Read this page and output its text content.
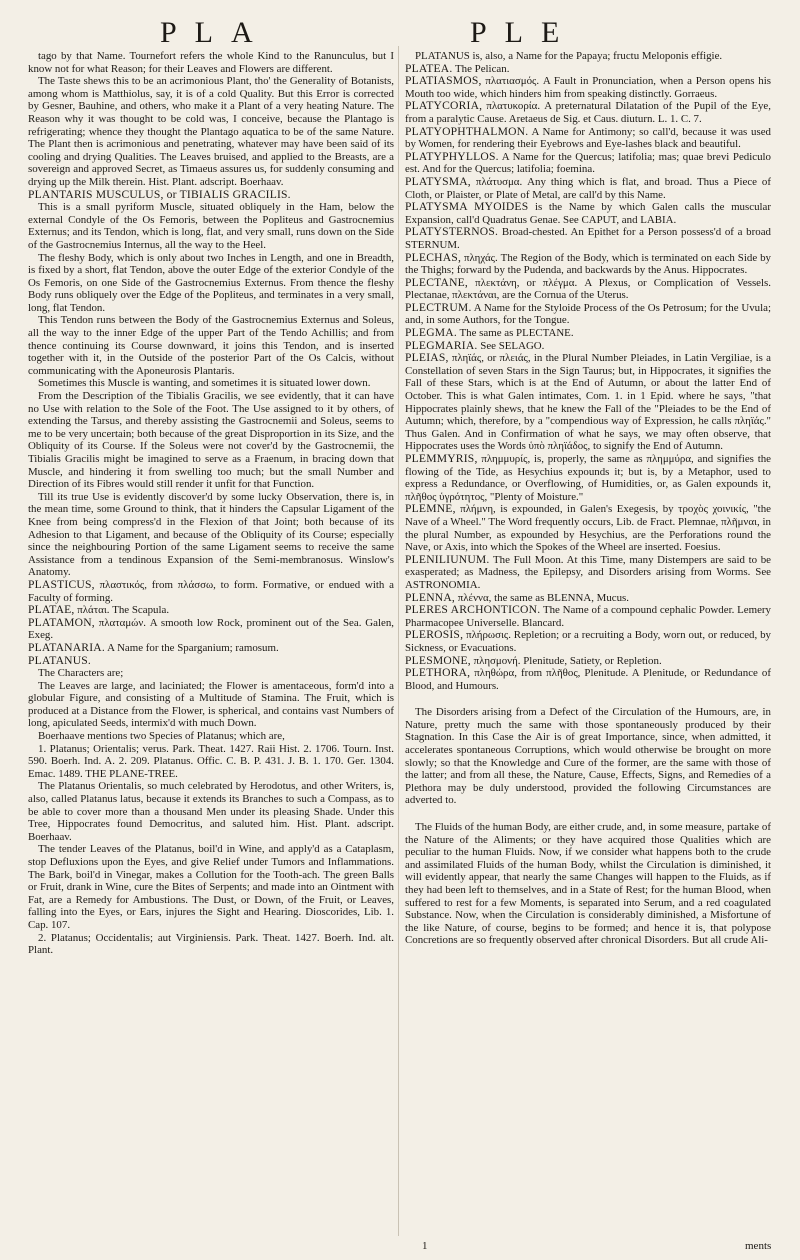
PLA	PLE

tago by that Name. Tournefort refers the whole Kind to the Ranunculus, but I know not for what Reason; for their Leaves and Flowers are different.

The Taste shews this to be an acrimonious Plant, tho' the Generality of Botanists, among whom is Matthiolus, say, it is of a cold Quality. But this Error is corrected by Gesner, Bauhine, and others, who make it a Plant of a very heating Nature. The Reason why it was thought to be cold was, I conceive, because the Plantago is refrigerating; whence they thought the Plantago aquatica to be of the same Nature. The Plant then is acrimonious and penetrating, whatever may have been said of its cooling and drying Qualities. The Leaves bruised, and applied to the Breasts, are a sovereign and approved Secret, as Timaeus assures us, for suddenly consuming and drying up the Milk therein. Hist. Plant. adscript. Boerhaav.

PLANTARIS MUSCULUS, or TIBIALIS GRACILIS.

This is a small pyriform Muscle, situated obliquely in the Ham, below the external Condyle of the Os Femoris, between the Popliteus and Gastrocnemius Externus; and its Tendon, which is long, flat, and very small, runs down on the Side of the Gastrocnemius Internus, all the way to the Heel.

The fleshy Body, which is only about two Inches in Length, and one in Breadth, is fixed by a short, flat Tendon, above the outer Edge of the exterior Condyle of the Os Femoris, on one Side of the Gastrocnemius Externus. From thence the fleshy Body runs obliquely over the Edge of the Popliteus, and terminates in a very small, long, flat Tendon.

This Tendon runs between the Body of the Gastrocnemius Externus and Soleus, all the way to the inner Edge of the upper Part of the Tendo Achillis; and from thence continuing its Course downward, it joins this Tendon, and is inserted together with it, in the Outside of the posterior Part of the Os Calcis, without communicating with the Aponeurosis Plantaris.

Sometimes this Muscle is wanting, and sometimes it is situated lower down.

From the Description of the Tibialis Gracilis, we see evidently, that it can have no Use with relation to the Sole of the Foot. The Use assigned to it by others, of extending the Tarsus, and thereby assisting the Gastrocnemii and Soleus, seems to me to be very uncertain; both because of the great Disproportion in its Size, and the Obliquity of its Course. If the Soleus were not cover'd by the Gastrocnemii, the Tibialis Gracilis might be imagined to serve as a Fraenum, in bracing down that Muscle, and hindering it from swelling too much; but the small Number and Direction of its Fibres would still render it unfit for that Function.

Till its true Use is evidently discover'd by some lucky Observation, there is, in the mean time, some Ground to think, that it hinders the Capsular Ligament of the Knee from being compress'd in the Flexion of that Joint; both because of its Adhesion to that Ligament, and because of the Obliquity of its Course; especially since the neighbouring Portion of the same Ligament seems to receive the same Assistance from a tendinous Expansion of the Semi-membranosus. Winslow's Anatomy.

PLASTICUS, πλαστικός, from πλάσσω, to form. Formative, or endued with a Faculty of forming.

PLATAE, πλάται. The Scapula.

PLATAMON, πλαταμών. A smooth low Rock, prominent out of the Sea. Galen, Exeg.

PLATANARIA. A Name for the Sparganium; ramosum.

PLATANUS.

The Characters are;

The Leaves are large, and laciniated; the Flower is amentaceous, form'd into a globular Figure, and consisting of a Multitude of Stamina. The Fruit, which is produced at a Distance from the Flower, is spherical, and contains vast Numbers of long, apiculated Seeds, intermix'd with much Down.

Boerhaave mentions two Species of Platanus; which are,

1. Platanus; Orientalis; verus. Park. Theat. 1427. Raii Hist. 2. 1706. Tourn. Inst. 590. Boerh. Ind. A. 2. 209. Platanus. Offic. C. B. P. 431. J. B. 1. 170. Ger. 1304. Emac. 1489. THE PLANE-TREE.

The Platanus Orientalis, so much celebrated by Herodotus, and other Writers, is, also, called Platanus latus, because it extends its Branches to such a Compass, as to be able to cover more than a thousand Men under its pleasing Shade. Under this Tree, Hippocrates found Democritus, and saluted him. Hist. Plant. adscript. Boerhaav.

The tender Leaves of the Platanus, boil'd in Wine, and apply'd as a Cataplasm, stop Defluxions upon the Eyes, and give Relief under Tumors and Inflammations. The Bark, boil'd in Vinegar, makes a Collution for the Tooth-ach. The green Balls or Fruit, drank in Wine, cure the Bites of Serpents; and made into an Ointment with Fat, are a Remedy for Ambustions. The Dust, or Down, of the Fruit, or Leaves, falling into the Eyes, or Ears, injures the Sight and Hearing. Dioscorides, Lib. 1. Cap. 107.

2. Platanus; Occidentalis; aut Virginiensis. Park. Theat. 1427. Boerh. Ind. alt. Plant.

PLATANUS is, also, a Name for the Papaya; fructu Meloponis effigie.

PLATEA. The Pelican.

PLATIASMOS, πλατιασμός. A Fault in Pronunciation, when a Person opens his Mouth too wide, which hinders him from speaking distinctly. Gorraeus.

PLATYCORIA, πλατυκορία. A preternatural Dilatation of the Pupil of the Eye, from a paralytic Cause. Aretaeus de Sig. et Caus. diuturn. L. 1. C. 7.

PLATYOPHTHALMON. A Name for Antimony; so call'd, because it was used by Women, for rendering their Eyebrows and Eye-lashes black and beautiful.

PLATYPHYLLOS. A Name for the Quercus; latifolia; mas; quae brevi Pediculo est. And for the Quercus; latifolia; foemina.

PLATYSMA, πλάτυσμα. Any thing which is flat, and broad. Thus a Piece of Cloth, or Plaister, or Plate of Metal, are call'd by this Name.

PLATYSMA MYOIDES is the Name by which Galen calls the muscular Expansion, call'd Quadratus Genae. See CAPUT, and LABIA.

PLATYSTERNOS. Broad-chested. An Epithet for a Person possess'd of a broad STERNUM.

PLECHAS, πληχάς. The Region of the Body, which is terminated on each Side by the Thighs; forward by the Pudenda, and backwards by the Anus. Hippocrates.

PLECTANE, πλεκτάνη, or πλέγμα. A Plexus, or Complication of Vessels. Plectanae, πλεκτάναι, are the Cornua of the Uterus.

PLECTRUM. A Name for the Styloide Process of the Os Petrosum; for the Uvula; and, in some Authors, for the Tongue.

PLEGMA. The same as PLECTANE.

PLEGMARIA. See SELAGO.

PLEIAS, πληϊάς, or πλειάς, in the Plural Number Pleiades, in Latin Vergiliae, is a Constellation of seven Stars in the Sign Taurus; but, in Hippocrates, it signifies the Fall of these Stars, which is at the End of Autumn, or about the latter End of October. This is what Galen intimates, Com. 1. in 1 Epid. where he says, "that Hippocrates plainly shews, that he knew the Fall of the "Pleiades to be the End of Autumn; which, therefore, by a "compendious way of Expression, he calls πληϊάς." Thus Galen. And in Confirmation of what he says, we may often observe, that Hippocrates uses the Words ὑπὸ πληϊάδος, to signify the End of Autumn.

PLEMMYRIS, πλημμυρίς, is, properly, the same as πλημμύρα, and signifies the flowing of the Tide, as Hesychius expounds it; but is, by a Metaphor, used to express a Redundance, or Overflowing, of Humidities, or, as Galen expounds it, πλῆθος ὑγρότητος, "Plenty of Moisture."

PLEMNE, πλήμνη, is expounded, in Galen's Exegesis, by τροχὸς χοινικίς, "the Nave of a Wheel." The Word frequently occurs, Lib. de Fract. Plemnae, πλῆμναι, in the plural Number, as expounded by Hesychius, are the Perforations round the Nave, or Axis, into which the Spokes of the Wheel are inserted. Foesius.

PLENILIUNUM. The Full Moon. At this Time, many Distempers are said to be exasperated; as Madness, the Epilepsy, and Disorders arising from Worms. See ASTRONOMIA.

PLENNA, πλέννα, the same as BLENNA, Mucus.

PLERES ARCHONTICON. The Name of a compound cephalic Powder. Lemery Pharmacopee Universelle. Blancard.

PLEROSIS, πλήρωσις. Repletion; or a recruiting a Body, worn out, or reduced, by Sickness, or Evacuations.

PLESMONE, πλησμονή. Plenitude, Satiety, or Repletion.

PLETHORA, πληθώρα, from πλῆθος, Plenitude. A Plenitude, or Redundance of Blood, and Humours.

The Disorders arising from a Defect of the Circulation of the Humours, are, in Nature, pretty much the same with those spontaneously produced by their Stagnation. In this Case the Air is of great Importance, since, when admitted, it accelerates spontaneous Corruptions, which would otherwise be brought on more slowly; so that the Knowledge and Cure of the former, are the same with those of the latter; and from all these, the Nature, Cause, Effects, Signs, and Remedies of a Plethora may be duly understood, provided the following Circumstances are adverted to.

The Fluids of the human Body, are either crude, and, in some measure, partake of the Nature of the Aliments; or they have acquired those Qualities which are peculiar to the human Fluids. Now, if we consider what happens both to the crude and assimilated Fluids of the human Body, whilst the Circulation is diminished, it will evidently appear, that nearly the same Changes will happen to the Fluids, as if they had been left to themselves, and in a State of Rest; for the human Blood, when suffered to rest for a few Moments, is separated into Serum, and a red coagulated Substance. Now, when the Circulation is considerably diminished, a Misfortune of the like Nature, of course, begins to be formed; and hence it is, that polypose Concretions are so frequently observed after chronical Disorders. But all crude Ali-

1	ments
